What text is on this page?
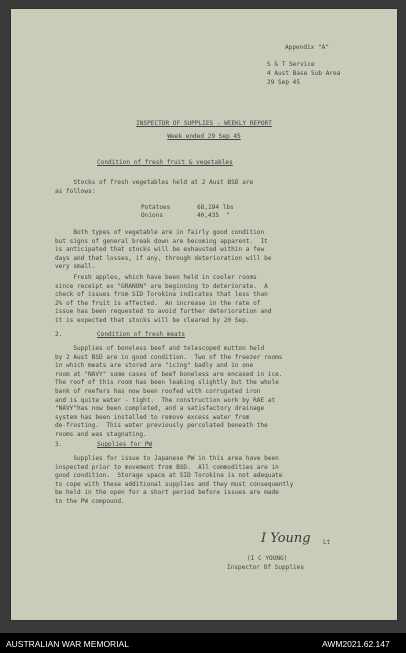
Appendix "A"
S & T Service
4 Aust Base Sub Area
29 Sep 45
INSPECTOR OF SUPPLIES - WEEKLY REPORT
Week ended 29 Sep 45
Condition of fresh fruit & vegetables
Stocks of fresh vegetables held at 2 Aust BSD are
as follows:
Potatoes	68,194 lbs
Onions	40,435  "
Both types of vegetable are in fairly good condition
but signs of general break down are becoming apparent.  It
is anticipated that stocks will be exhausted within a few
days and that losses, if any, through deterioration will be
very small.
Fresh apples, which have been held in cooler rooms
since receipt ex "GRANON" are beginning to deteriorate.  A
check of issues from SID Torokina indicates that less than
2% of the fruit is affected.  An increase in the rate of
issue has been requested to avoid further deterioration and
it is expected that stocks will be cleared by 20 Sep.
2.	Condition of fresh meats
Supplies of boneless beef and telescoped mutton held
by 2 Aust BSD are in good condition.  Two of the freezer rooms
in which meats are stored are "icing" badly and in one
room at "NAVY" some cases of beef boneless are encased in ice.
The roof of this room has been leaking slightly but the whole
bank of reefers has now been roofed with corrugated iron
and is quite water - tight.  The construction work by RAE at
"NAVY"has now been completed, and a satisfactory drainage
system has been installed to remove excess water from
de-frosting.  This water previously percolated beneath the
rooms and was stagnating.
3.	Supplies for PW
Supplies for issue to Japanese PW in this area have been
inspected prior to movement from BSD.  All commodities are in
good condition.  Storage space at SID Torokina is not adequate
to cope with these additional supplies and they must consequently
be held in the open for a short period before issues are made
to the PW compound.
I Young Lt
(I C YOUNG)
Inspector Of Supplies
AUSTRALIAN WAR MEMORIAL	AWM2021.62.147
